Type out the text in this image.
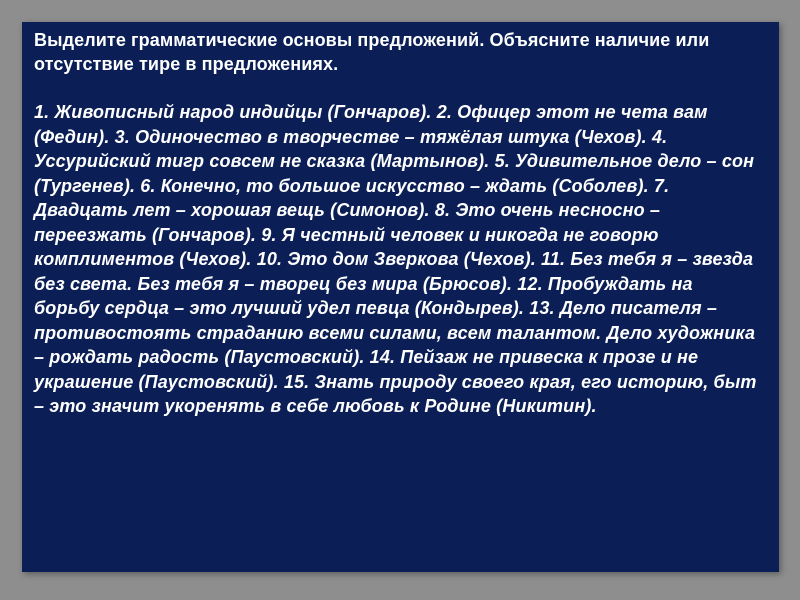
Выделите грамматические основы предложений. Объясните наличие или отсутствие тире в предложениях.

1. Живописный народ индийцы (Гончаров). 2. Офицер этот не чета вам (Федин). 3. Одиночество в творчестве – тяжёлая штука (Чехов). 4. Уссурийский тигр совсем не сказка (Мартынов). 5. Удивительное дело – сон (Тургенев). 6. Конечно, то большое искусство – ждать (Соболев). 7. Двадцать лет – хорошая вещь (Симонов). 8. Это очень несносно – переезжать (Гончаров). 9. Я честный человек и никогда не говорю комплиментов (Чехов). 10. Это дом Зверкова (Чехов). 11. Без тебя я – звезда без света. Без тебя я – творец без мира (Брюсов). 12. Пробуждать на борьбу сердца – это лучший удел певца (Кондырев). 13. Дело писателя – противостоять страданию всеми силами, всем талантом. Дело художника – рождать радость (Паустовский). 14. Пейзаж не привеска к прозе и не украшение (Паустовский). 15. Знать природу своего края, его историю, быт – это значит укоренять в себе любовь к Родине (Никитин).
